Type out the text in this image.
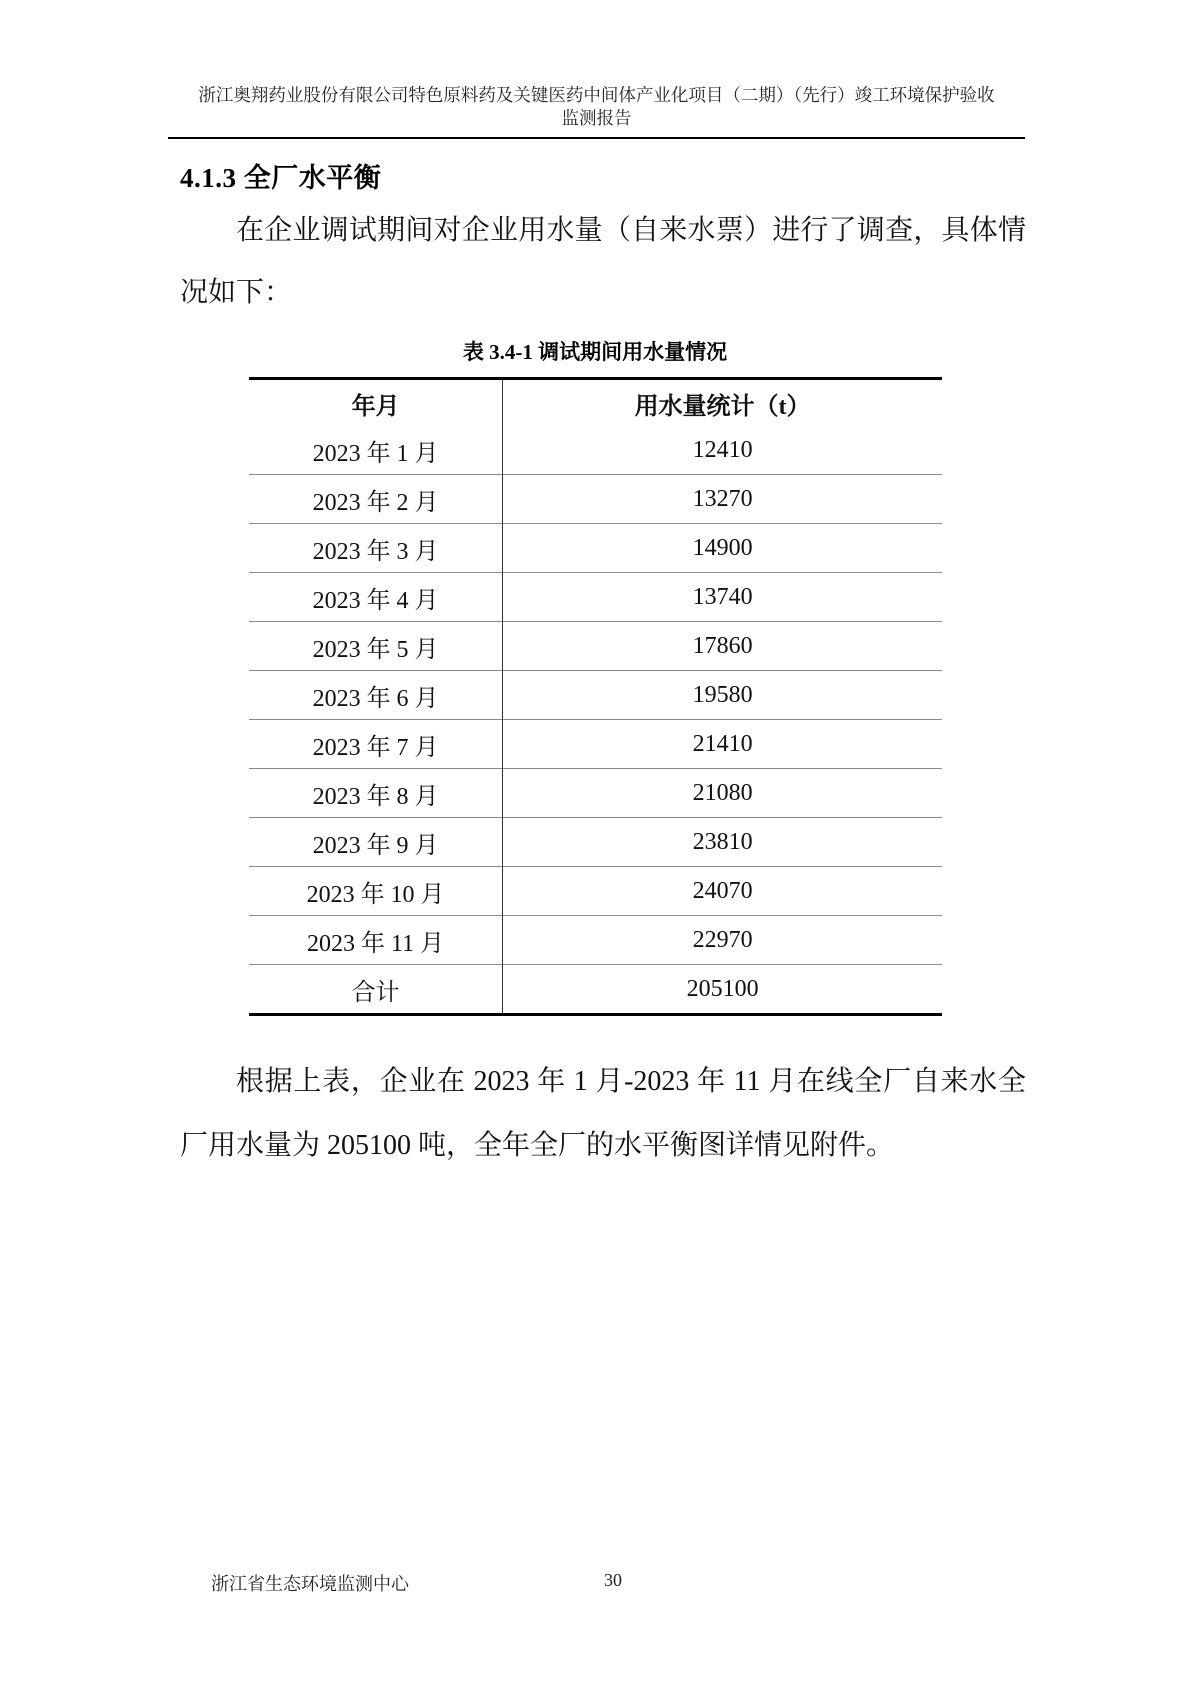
浙江奥翔药业股份有限公司特色原料药及关键医药中间体产业化项目（二期）（先行）竣工环境保护验收
监测报告
4.1.3 全厂水平衡
在企业调试期间对企业用水量（自来水票）进行了调查，具体情况如下：
表 3.4-1 调试期间用水量情况
年月	用水量统计（t）
2023 年 1 月	12410
2023 年 2 月	13270
2023 年 3 月	14900
2023 年 4 月	13740
2023 年 5 月	17860
2023 年 6 月	19580
2023 年 7 月	21410
2023 年 8 月	21080
2023 年 9 月	23810
2023 年 10 月	24070
2023 年 11 月	22970
合计	205100
根据上表，企业在 2023 年 1 月-2023 年 11 月在线全厂自来水全厂用水量为 205100 吨，全年全厂的水平衡图详情见附件。
浙江省生态环境监测中心	30
